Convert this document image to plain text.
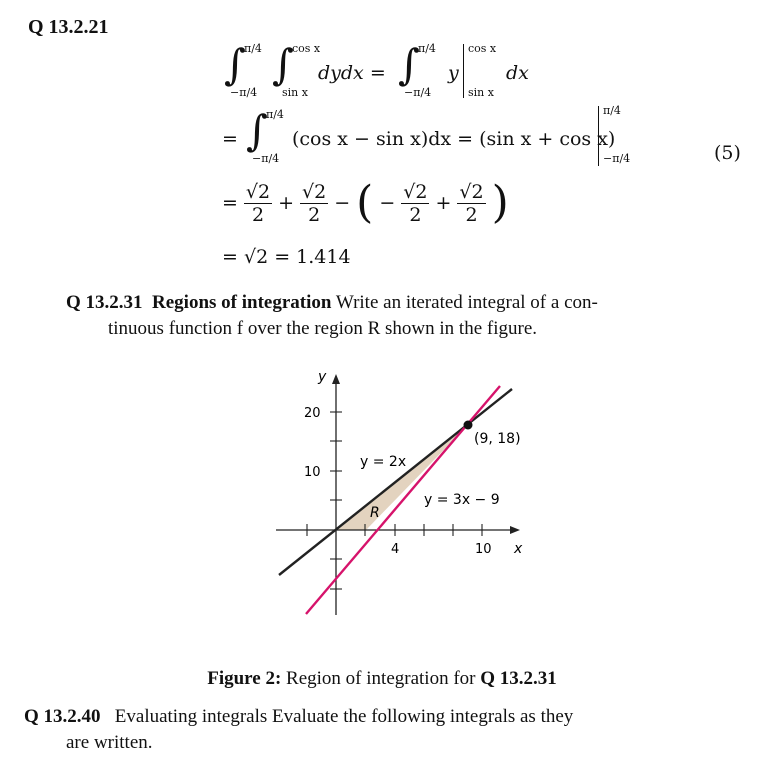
Q 13.2.21
∫
π/4
−π/4
∫
cos x
sin x
dydx = ∫
π/4
−π/4
y
cos x
sin x
dx
= ∫
π/4
−π/4
(cos x − sin x)dx = (sin x + cos x)
π/4
−π/4	(5)
= $\frac{√2}{2} + \frac{√2}{2}$ − ( − $\frac{√2}{2} + \frac{√2}{2}$ )
= √2 = 1.414
Q 13.2.31 Regions of integration Write an iterated integral of a con-
tinuous function f over the region R shown in the figure.
y
x
20
10
4	10
y = 2x
y = 3x − 9
(9, 18)
R
Figure 2: Region of integration for Q 13.2.31
Q 13.2.40 Evaluating integrals Evaluate the following integrals as they
are written.
